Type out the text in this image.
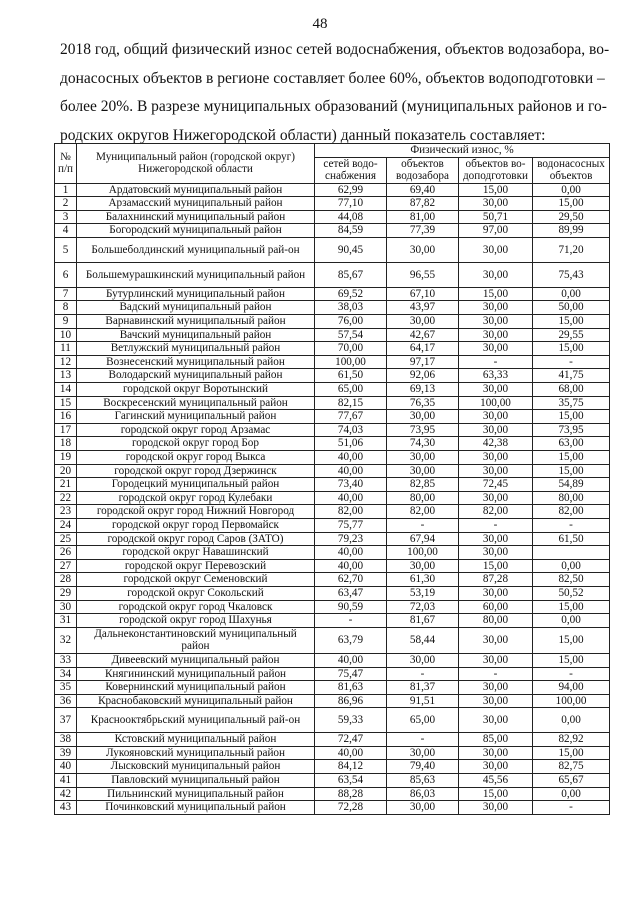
48
2018 год, общий физический износ сетей водоснабжения, объектов водозабора, во-
донасосных объектов в регионе составляет более 60%, объектов водоподготовки –
более 20%. В разрезе муниципальных образований (муниципальных районов и го-
родских округов Нижегородской области) данный показатель составляет:
№ п/п	Муниципальный район (городской округ) Нижегородской области	Физический износ, %			
		сетей водо-снабжения	объектов водозабора	объектов во-доподготовки	водонасосных объектов
1	Ардатовский муниципальный район	62,99	69,40	15,00	0,00
2	Арзамасский муниципальный район	77,10	87,82	30,00	15,00
3	Балахнинский муниципальный район	44,08	81,00	50,71	29,50
4	Богородский муниципальный район	84,59	77,39	97,00	89,99
5	Большеболдинский муниципальный рай-он	90,45	30,00	30,00	71,20
6	Большемурашкинский муниципальный район	85,67	96,55	30,00	75,43
7	Бутурлинский муниципальный район	69,52	67,10	15,00	0,00
8	Вадский муниципальный район	38,03	43,97	30,00	50,00
9	Варнавинский муниципальный район	76,00	30,00	30,00	15,00
10	Вачский муниципальный район	57,54	42,67	30,00	29,55
11	Ветлужский муниципальный район	70,00	64,17	30,00	15,00
12	Вознесенский муниципальный район	100,00	97,17	-	-
13	Володарский муниципальный район	61,50	92,06	63,33	41,75
14	городской округ Воротынский	65,00	69,13	30,00	68,00
15	Воскресенский муниципальный район	82,15	76,35	100,00	35,75
16	Гагинский муниципальный район	77,67	30,00	30,00	15,00
17	городской округ город Арзамас	74,03	73,95	30,00	73,95
18	городской округ город Бор	51,06	74,30	42,38	63,00
19	городской округ город Выкса	40,00	30,00	30,00	15,00
20	городской округ город Дзержинск	40,00	30,00	30,00	15,00
21	Городецкий муниципальный район	73,40	82,85	72,45	54,89
22	городской округ город Кулебаки	40,00	80,00	30,00	80,00
23	городской округ город Нижний Новгород	82,00	82,00	82,00	82,00
24	городской округ город Первомайск	75,77	-	-	-
25	городской округ город Саров (ЗАТО)	79,23	67,94	30,00	61,50
26	городской округ Навашинский	40,00	100,00	30,00	
27	городской округ Перевозский	40,00	30,00	15,00	0,00
28	городской округ Семеновский	62,70	61,30	87,28	82,50
29	городской округ Сокольский	63,47	53,19	30,00	50,52
30	городской округ город Чкаловск	90,59	72,03	60,00	15,00
31	городской округ город Шахунья	-	81,67	80,00	0,00
32	Дальнеконстантиновский муниципальный район	63,79	58,44	30,00	15,00
33	Дивеевский муниципальный район	40,00	30,00	30,00	15,00
34	Княгининский муниципальный район	75,47	-	-	-
35	Ковернинский муниципальный район	81,63	81,37	30,00	94,00
36	Краснобаковский муниципальный район	86,96	91,51	30,00	100,00
37	Краснооктябрьский муниципальный рай-он	59,33	65,00	30,00	0,00
38	Кстовский муниципальный район	72,47	-	85,00	82,92
39	Лукояновский муниципальный район	40,00	30,00	30,00	15,00
40	Лысковский муниципальный район	84,12	79,40	30,00	82,75
41	Павловский муниципальный район	63,54	85,63	45,56	65,67
42	Пильнинский муниципальный район	88,28	86,03	15,00	0,00
43	Починковский муниципальный район	72,28	30,00	30,00	-
